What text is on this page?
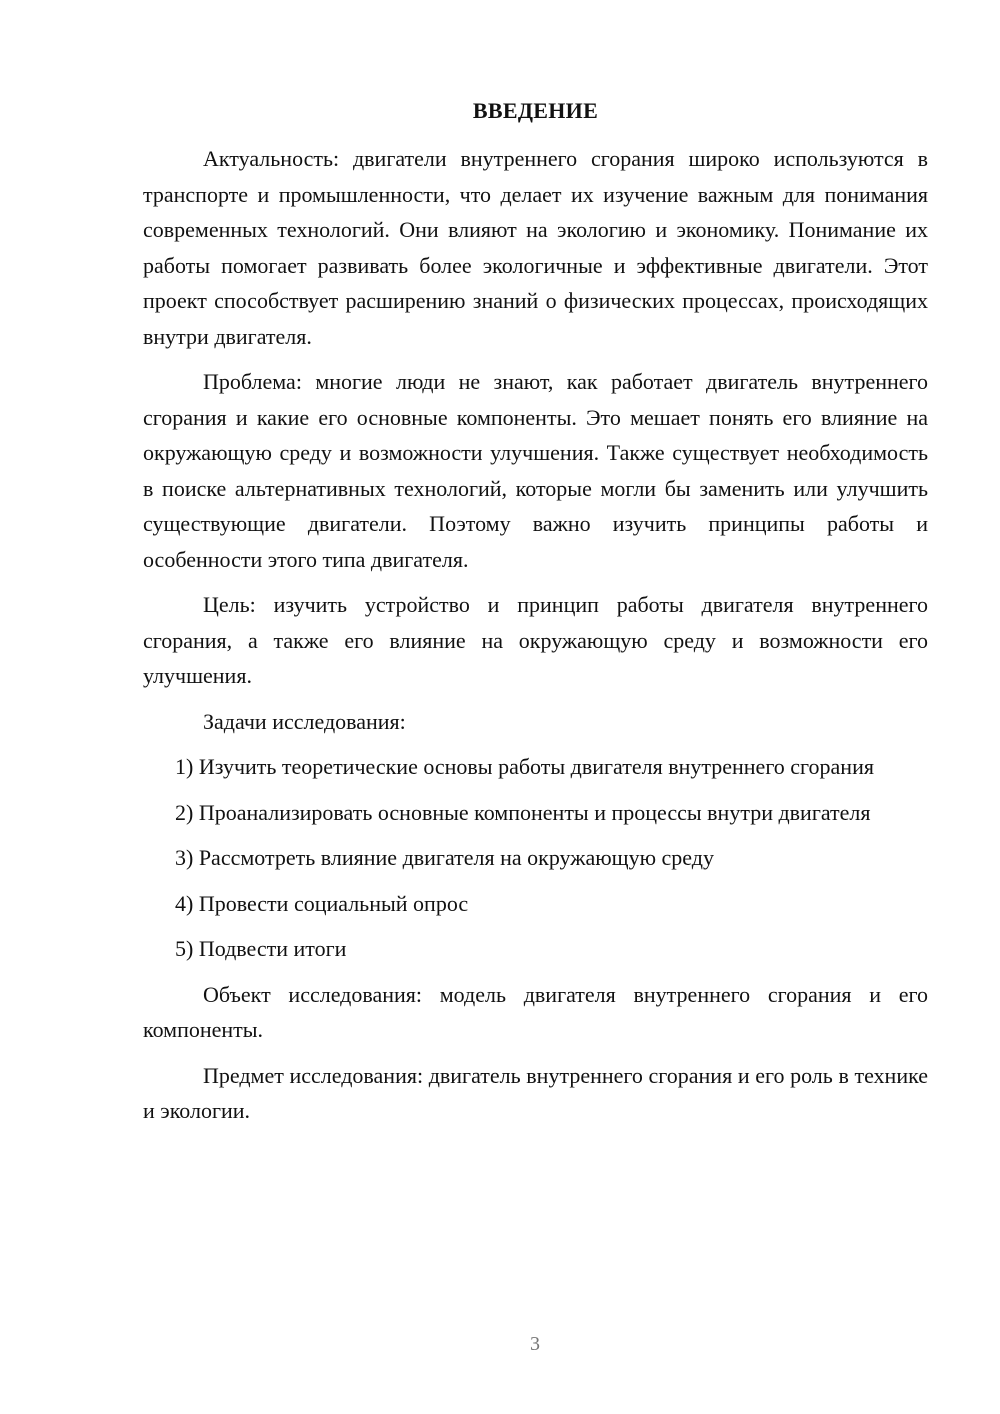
ВВЕДЕНИЕ

Актуальность: двигатели внутреннего сгорания широко используются в транспорте и промышленности, что делает их изучение важным для понимания современных технологий. Они влияют на экологию и экономику. Понимание их работы помогает развивать более экологичные и эффективные двигатели. Этот проект способствует расширению знаний о физических процессах, происходящих внутри двигателя.

Проблема: многие люди не знают, как работает двигатель внутреннего сгорания и какие его основные компоненты. Это мешает понять его влияние на окружающую среду и возможности улучшения. Также существует необходимость в поиске альтернативных технологий, которые могли бы заменить или улучшить существующие двигатели. Поэтому важно изучить принципы работы и особенности этого типа двигателя.

Цель: изучить устройство и принцип работы двигателя внутреннего сгорания, а также его влияние на окружающую среду и возможности его улучшения.

Задачи исследования:

1) Изучить теоретические основы работы двигателя внутреннего сгорания

2) Проанализировать основные компоненты и процессы внутри двигателя

3) Рассмотреть влияние двигателя на окружающую среду

4) Провести социальный опрос

5) Подвести итоги

Объект исследования: модель двигателя внутреннего сгорания и его компоненты.

Предмет исследования: двигатель внутреннего сгорания и его роль в технике и экологии.

3
